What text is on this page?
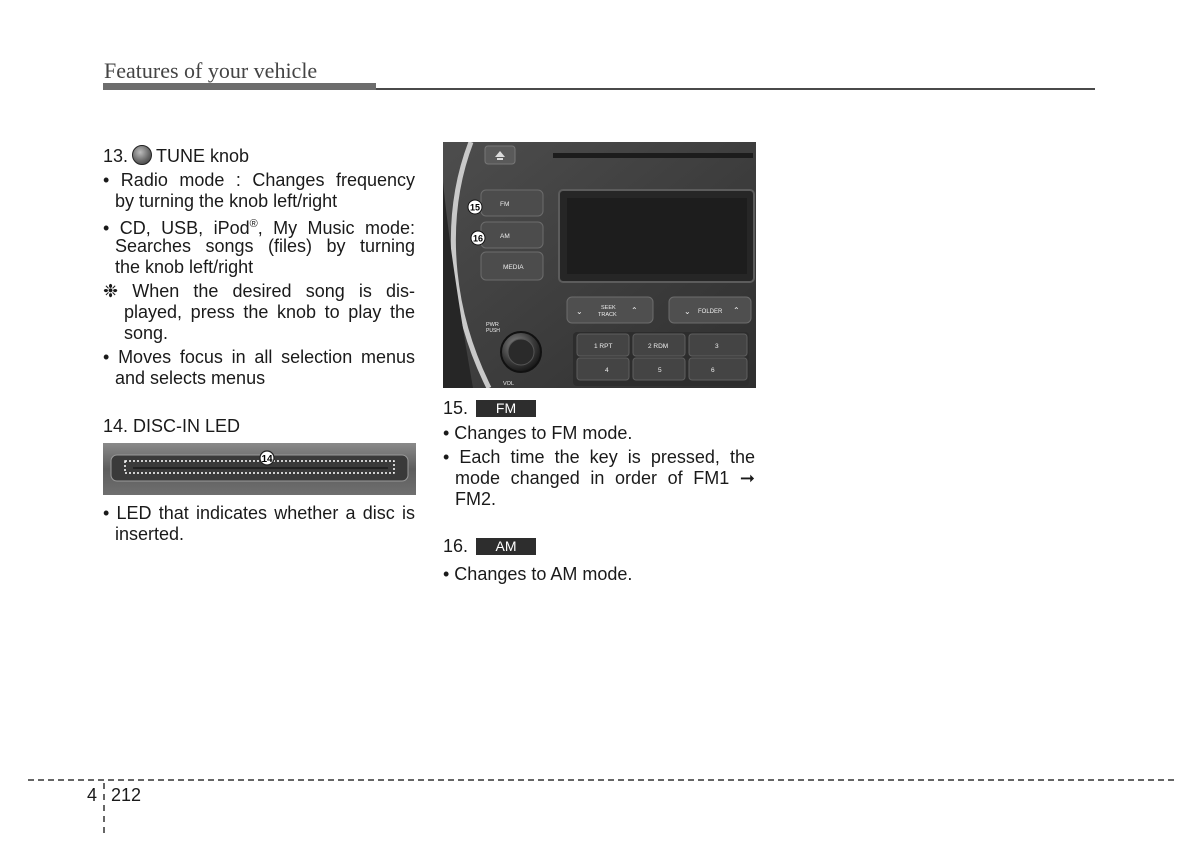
Features of your vehicle
13. TUNE knob
• Radio mode : Changes frequency
by turning the knob left/right
• CD, USB, iPod®, My Music mode:
Searches songs (files) by turning
the knob left/right
❉ When the desired song is dis-
played, press the knob to play the
song.
• Moves focus in all selection menus
and selects menus
14. DISC-IN LED
14
• LED that indicates whether a disc is
inserted.
FM
AM
MEDIA
15
16
⌄	SEEK
TRACK ⌃	⌄ FOLDER ⌃
PWR
PUSH
VOL
1 RPT	2 RDM	3
4	5	6
15. FM
• Changes to FM mode.
• Each time the key is pressed, the
mode changed in order of FM1 ➞
FM2.
16. AM
• Changes to AM mode.
4 212
